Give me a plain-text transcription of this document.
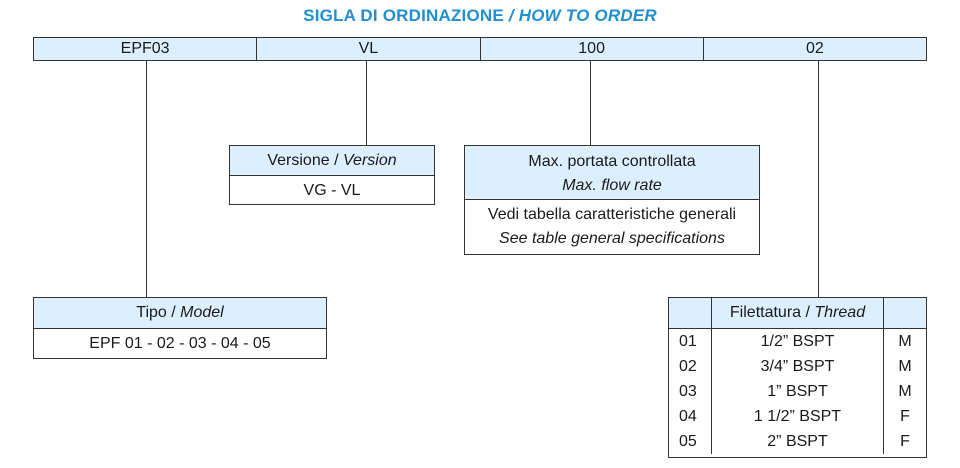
SIGLA DI ORDINAZIONE / HOW TO ORDER
EPF03	VL	100	02
Versione / Version
VG - VL
Max. portata controllata
Max. flow rate
Vedi tabella caratteristiche generali
See table general specifications
Tipo / Model
EPF 01 - 02 - 03 - 04 - 05
Filettatura / Thread
01	1/2” BSPT	M
02	3/4” BSPT	M
03	1” BSPT	M
04	1 1/2” BSPT	F
05	2” BSPT	F
